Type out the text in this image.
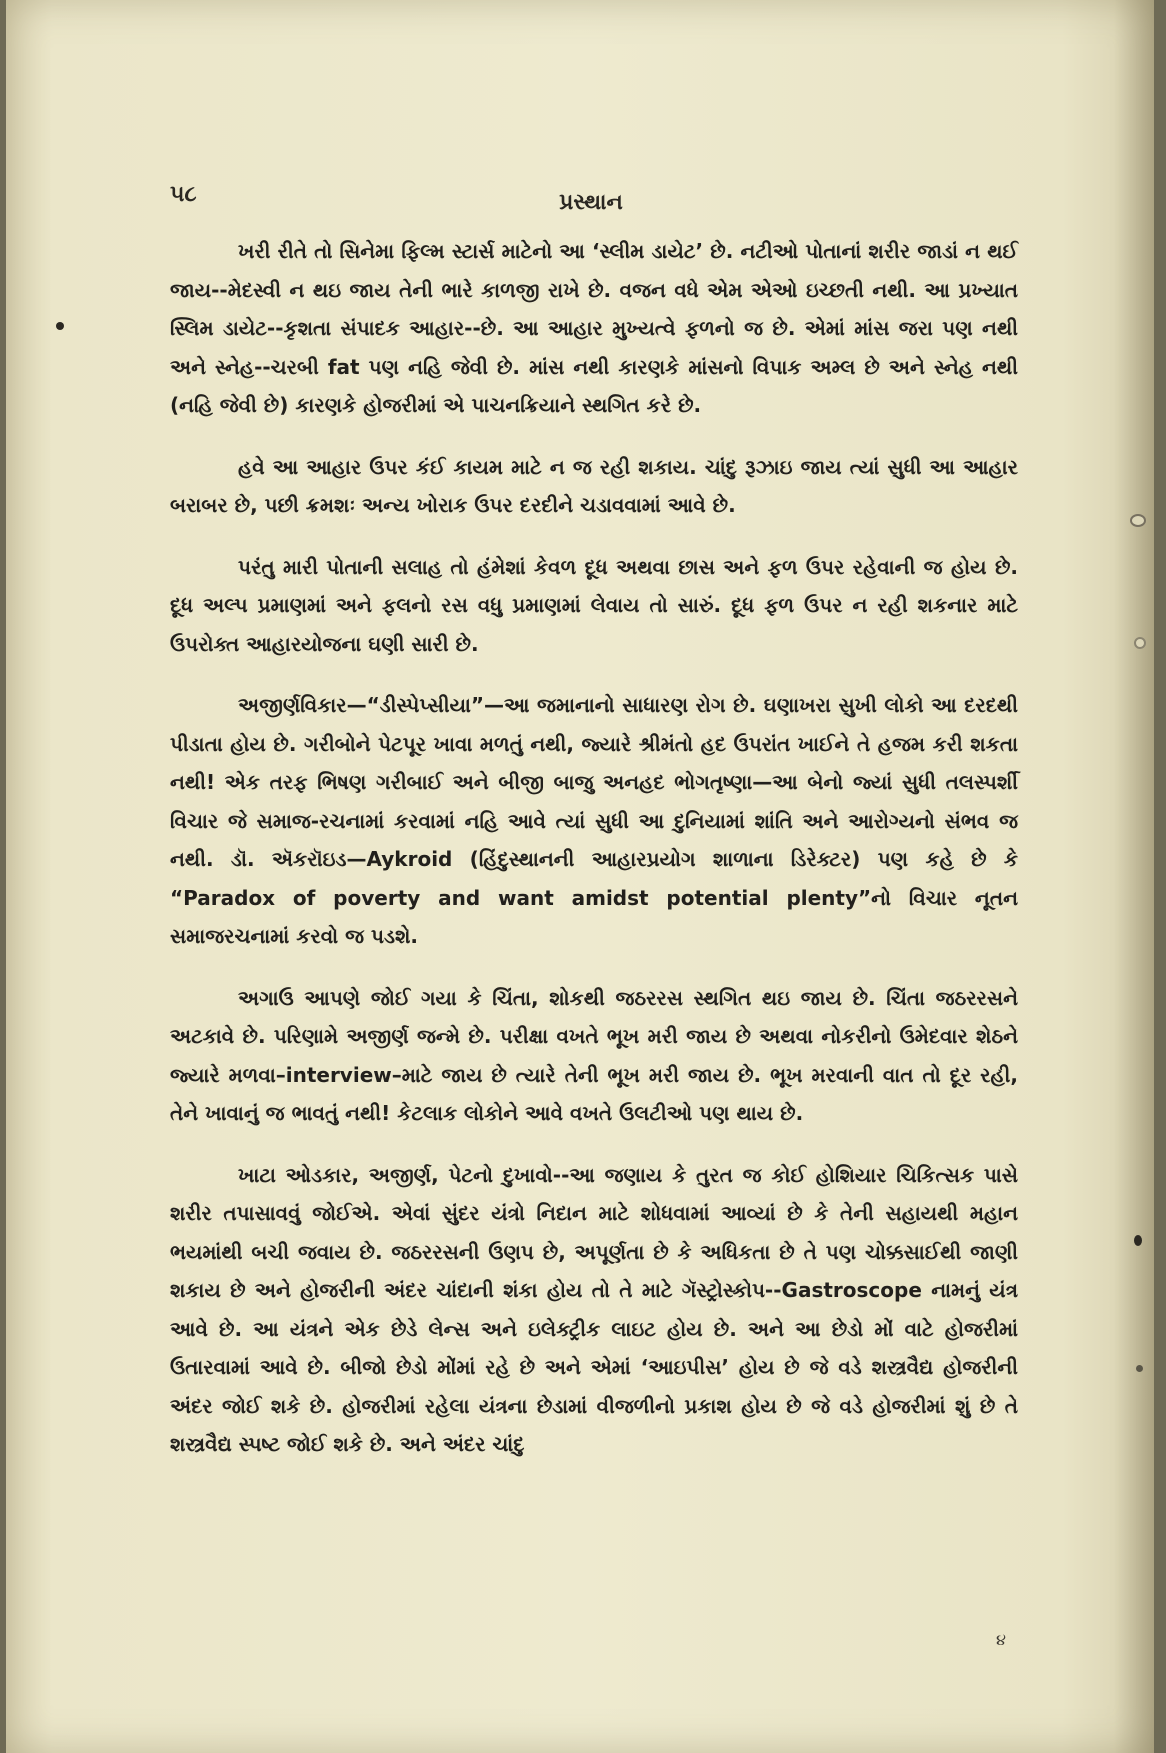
૫૮	પ્રસ્થાન

ખરી રીતે તો સિનેમા ફિલ્મ સ્ટાર્સ માટેનો આ ‘સ્લીમ ડાયેટ’ છે. નટીઓ પોતાનાં શરીર જાડાં ન થઈ જાય--મેદસ્વી ન થઇ જાય તેની ભારે કાળજી રાખે છે. વજન વધે એમ એઓ ઇચ્છતી નથી. આ પ્રખ્યાત સ્લિમ ડાયેટ--કૃશતા સંપાદક આહાર--છે. આ આહાર મુખ્યત્વે ફળનો જ છે. એમાં માંસ જરા પણ નથી અને સ્નેહ--ચરબી fat પણ નહિ જેવી છે. માંસ નથી કારણકે માંસનો વિપાક અમ્લ છે અને સ્નેહ નથી (નહિ જેવી છે) કારણકે હોજરીમાં એ પાચનક્રિયાને સ્થગિત કરે છે.

હવે આ આહાર ઉપર કંઈ કાયમ માટે ન જ રહી શકાય. ચાંદુ રૂઝાઇ જાય ત્યાં સુધી આ આહાર બરાબર છે, પછી ક્રમશઃ અન્ય ખોરાક ઉપર દરદીને ચડાવવામાં આવે છે.

પરંતુ મારી પોતાની સલાહ તો હંમેશાં કેવળ દૂધ અથવા છાસ અને ફળ ઉપર રહેવાની જ હોય છે. દૂધ અલ્પ પ્રમાણમાં અને ફલનો રસ વધુ પ્રમાણમાં લેવાય તો સારું. દૂધ ફળ ઉપર ન રહી શકનાર માટે ઉપરોક્ત આહારયોજના ઘણી સારી છે.

અજીર્ણવિકાર—“ડીસ્પેપ્સીયા”—આ જમાનાનો સાધારણ રોગ છે. ઘણાખરા સુખી લોકો આ દરદથી પીડાતા હોય છે. ગરીબોને પેટપૂર ખાવા મળતું નથી, જ્યારે શ્રીમંતો હદ ઉપરાંત ખાઈને તે હજમ કરી શકતા નથી! એક તરફ ભિષણ ગરીબાઈ અને બીજી બાજુ અનહદ ભોગતૃષ્ણા—આ બેનો જ્યાં સુધી તલસ્પર્શી વિચાર જે સમાજ-રચનામાં કરવામાં નહિ આવે ત્યાં સુધી આ દુનિયામાં શાંતિ અને આરોગ્યનો સંભવ જ નથી. ડૉ. ઍકરૉઇડ—Aykroid (હિંદુસ્થાનની આહારપ્રયોગ શાળાના ડિરેક્ટર) પણ કહે છે કે “Paradox of poverty and want amidst potential plenty”નો વિચાર નૂતન સમાજરચનામાં કરવો જ પડશે.

અગાઉ આપણે જોઈ ગયા કે ચિંતા, શોકથી જઠરરસ સ્થગિત થઇ જાય છે. ચિંતા જઠરરસને અટકાવે છે. પરિણામે અજીર્ણ જન્મે છે. પરીક્ષા વખતે ભૂખ મરી જાય છે અથવા નોકરીનો ઉમેદવાર શેઠને જ્યારે મળવા–interview–માટે જાય છે ત્યારે તેની ભૂખ મરી જાય છે. ભૂખ મરવાની વાત તો દૂર રહી, તેને ખાવાનું જ ભાવતું નથી! કેટલાક લોકોને આવે વખતે ઉલટીઓ પણ થાય છે.

ખાટા ઓડકાર, અજીર્ણ, પેટનો દુખાવો--આ જણાય કે તુરત જ કોઈ હોશિયાર ચિકિત્સક પાસે શરીર તપાસાવવું જોઈએ. એવાં સુંદર યંત્રો નિદાન માટે શોધવામાં આવ્યાં છે કે તેની સહાયથી મહાન ભયમાંથી બચી જવાય છે. જઠરરસની ઉણપ છે, અપૂર્ણતા છે કે અધિકતા છે તે પણ ચોક્કસાઈથી જાણી શકાય છે અને હોજરીની અંદર ચાંદાની શંકા હોય તો તે માટે ગૅસ્ટ્રોસ્કોપ--Gastroscope નામનું યંત્ર આવે છે. આ યંત્રને એક છેડે લેન્સ અને ઇલેક્ટ્રીક લાઇટ હોય છે. અને આ છેડો મોં વાટે હોજરીમાં ઉતારવામાં આવે છે. બીજો છેડો મોંમાં રહે છે અને એમાં ‘આઇપીસ’ હોય છે જે વડે શસ્ત્રવૈદ્ય હોજરીની અંદર જોઈ શકે છે. હોજરીમાં રહેલા યંત્રના છેડામાં વીજળીનો પ્રકાશ હોય છે જે વડે હોજરીમાં શું છે તે શસ્ત્રવૈદ્ય સ્પષ્ટ જોઈ શકે છે. અને અંદર ચાંદુ

૪
